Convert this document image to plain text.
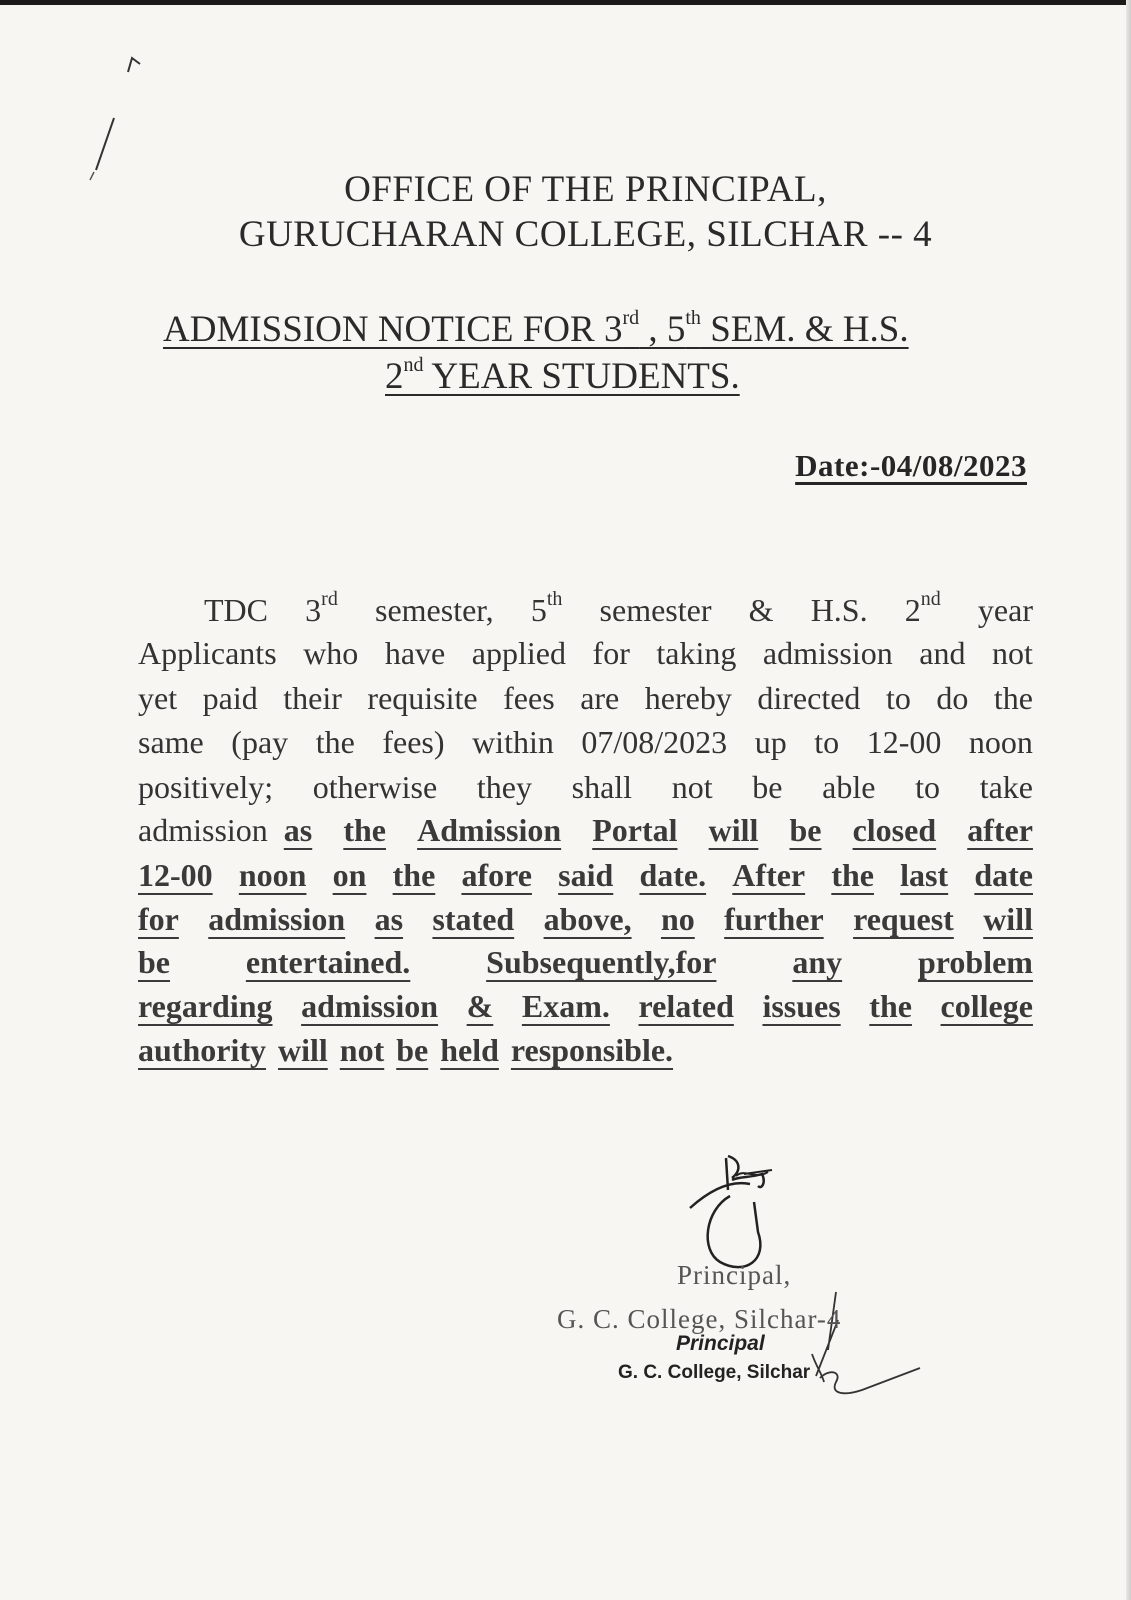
OFFICE OF THE PRINCIPAL,
GURUCHARAN COLLEGE, SILCHAR -- 4
ADMISSION NOTICE FOR 3rd , 5th SEM. & H.S.
2nd YEAR STUDENTS.
Date:-04/08/2023
TDC 3rd semester, 5th semester & H.S. 2nd year
Applicants who have applied for taking admission and not
yet paid their requisite fees are hereby directed to do the
same (pay the fees) within 07/08/2023 up to 12-00 noon
positively; otherwise they shall not be able to take
admission as the Admission Portal will be closed after
12-00 noon on the afore said date. After the last date
for admission as stated above, no further request will
be entertained. Subsequently,for any problem
regarding admission & Exam. related issues the college
authority will not be held responsible.
Principal,
G. C. College, Silchar-4
Principal
G. C. College, Silchar
